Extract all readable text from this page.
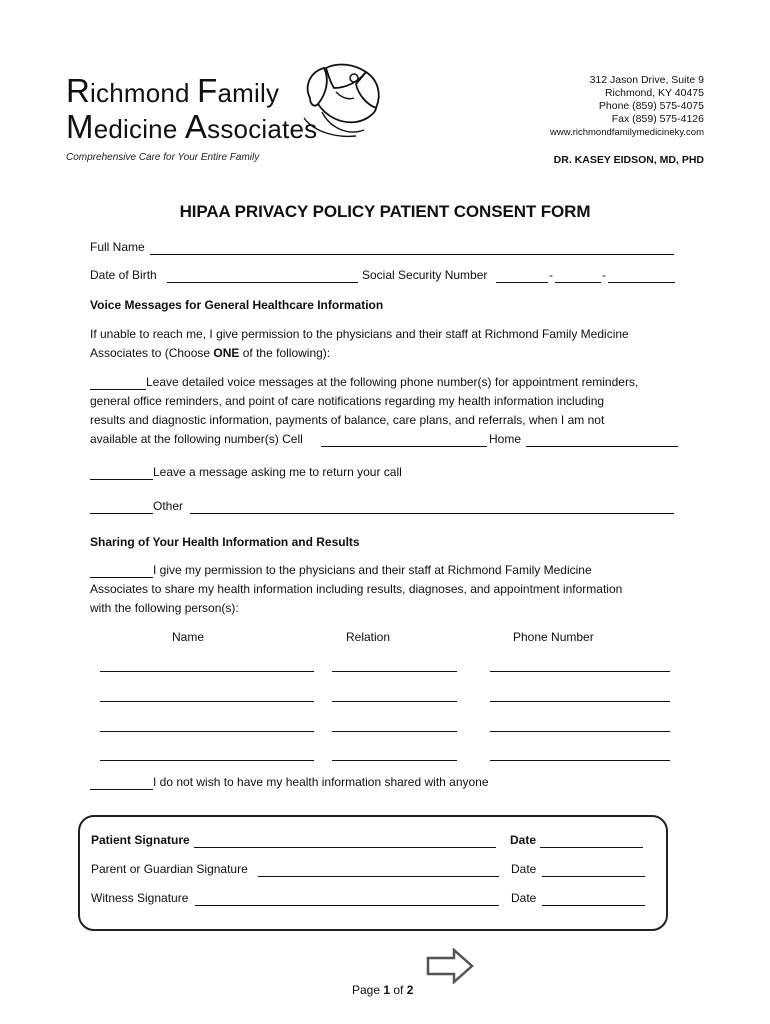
Richmond Family
Medicine Associates
Comprehensive Care for Your Entire Family
312 Jason Drive, Suite 9
Richmond, KY 40475
Phone (859) 575-4075
Fax (859) 575-4126
www.richmondfamilymedicineky.com
DR. KASEY EIDSON, MD, PHD
HIPAA PRIVACY POLICY PATIENT CONSENT FORM
Full Name
Date of Birth	Social Security Number	-	-
Voice Messages for General Healthcare Information
If unable to reach me, I give permission to the physicians and their staff at Richmond Family Medicine
Associates to (Choose ONE of the following):
Leave detailed voice messages at the following phone number(s) for appointment reminders,
general office reminders, and point of care notifications regarding my health information including
results and diagnostic information, payments of balance, care plans, and referrals, when I am not
available at the following number(s) Cell	Home
Leave a message asking me to return your call
Other
Sharing of Your Health Information and Results
I give my permission to the physicians and their staff at Richmond Family Medicine
Associates to share my health information including results, diagnoses, and appointment information
with the following person(s):
Name	Relation	Phone Number
I do not wish to have my health information shared with anyone
Patient Signature	Date
Parent or Guardian Signature	Date
Witness Signature	Date
Page 1 of 2
